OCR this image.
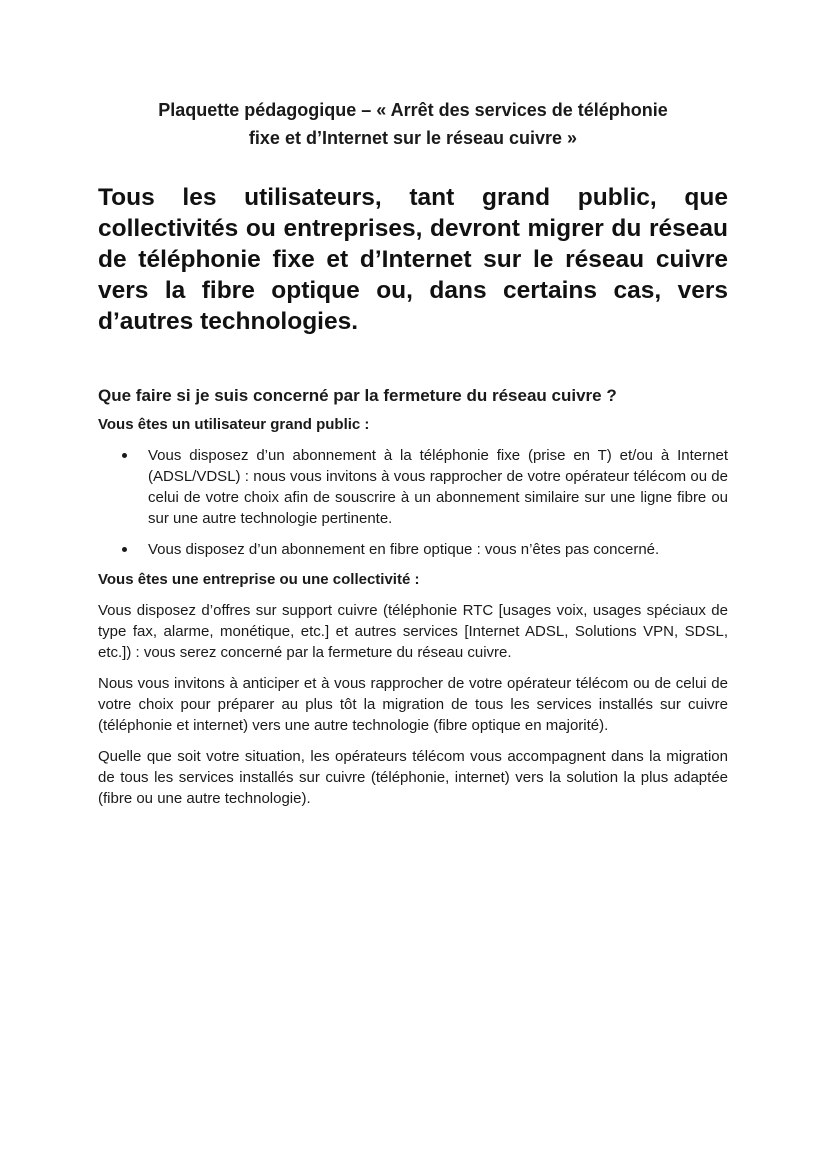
Plaquette pédagogique – « Arrêt des services de téléphonie
fixe et d’Internet sur le réseau cuivre »

Tous les utilisateurs, tant grand public, que collectivités ou entreprises, devront migrer du réseau de téléphonie fixe et d’Internet sur le réseau cuivre vers la fibre optique ou, dans certains cas, vers d’autres technologies.

Que faire si je suis concerné par la fermeture du réseau cuivre ?
Vous êtes un utilisateur grand public :
Vous disposez d’un abonnement à la téléphonie fixe (prise en T) et/ou à Internet (ADSL/VDSL) : nous vous invitons à vous rapprocher de votre opérateur télécom ou de celui de votre choix afin de souscrire à un abonnement similaire sur une ligne fibre ou sur une autre technologie pertinente.
Vous disposez d’un abonnement en fibre optique : vous n’êtes pas concerné.
Vous êtes une entreprise ou une collectivité :

Vous disposez d’offres sur support cuivre (téléphonie RTC [usages voix, usages spéciaux de type fax, alarme, monétique, etc.] et autres services [Internet ADSL, Solutions VPN, SDSL, etc.]) : vous serez concerné par la fermeture du réseau cuivre.

Nous vous invitons à anticiper et à vous rapprocher de votre opérateur télécom ou de celui de votre choix pour préparer au plus tôt la migration de tous les services installés sur cuivre (téléphonie et internet) vers une autre technologie (fibre optique en majorité).

Quelle que soit votre situation, les opérateurs télécom vous accompagnent dans la migration de tous les services installés sur cuivre (téléphonie, internet) vers la solution la plus adaptée (fibre ou une autre technologie).
